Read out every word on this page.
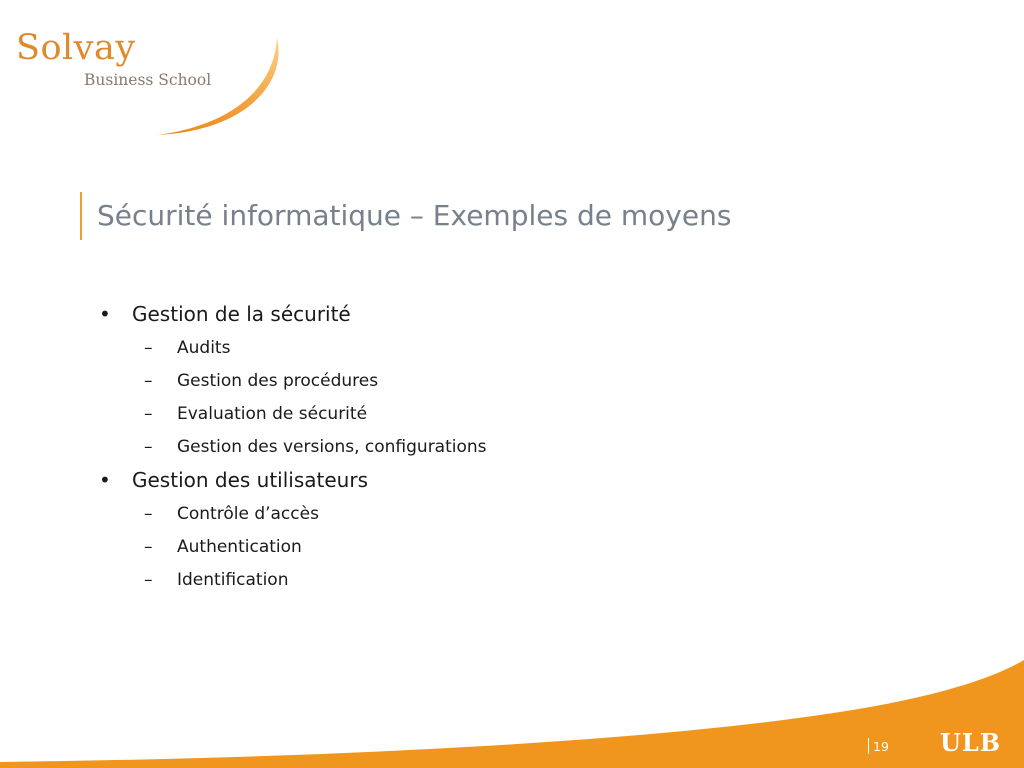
Solvay
Business School
Sécurité informatique – Exemples de moyens
• Gestion de la sécurité
– Audits
– Gestion des procédures
– Evaluation de sécurité
– Gestion des versions, configurations
• Gestion des utilisateurs
– Contrôle d’accès
– Authentication
– Identification
19 ULB
